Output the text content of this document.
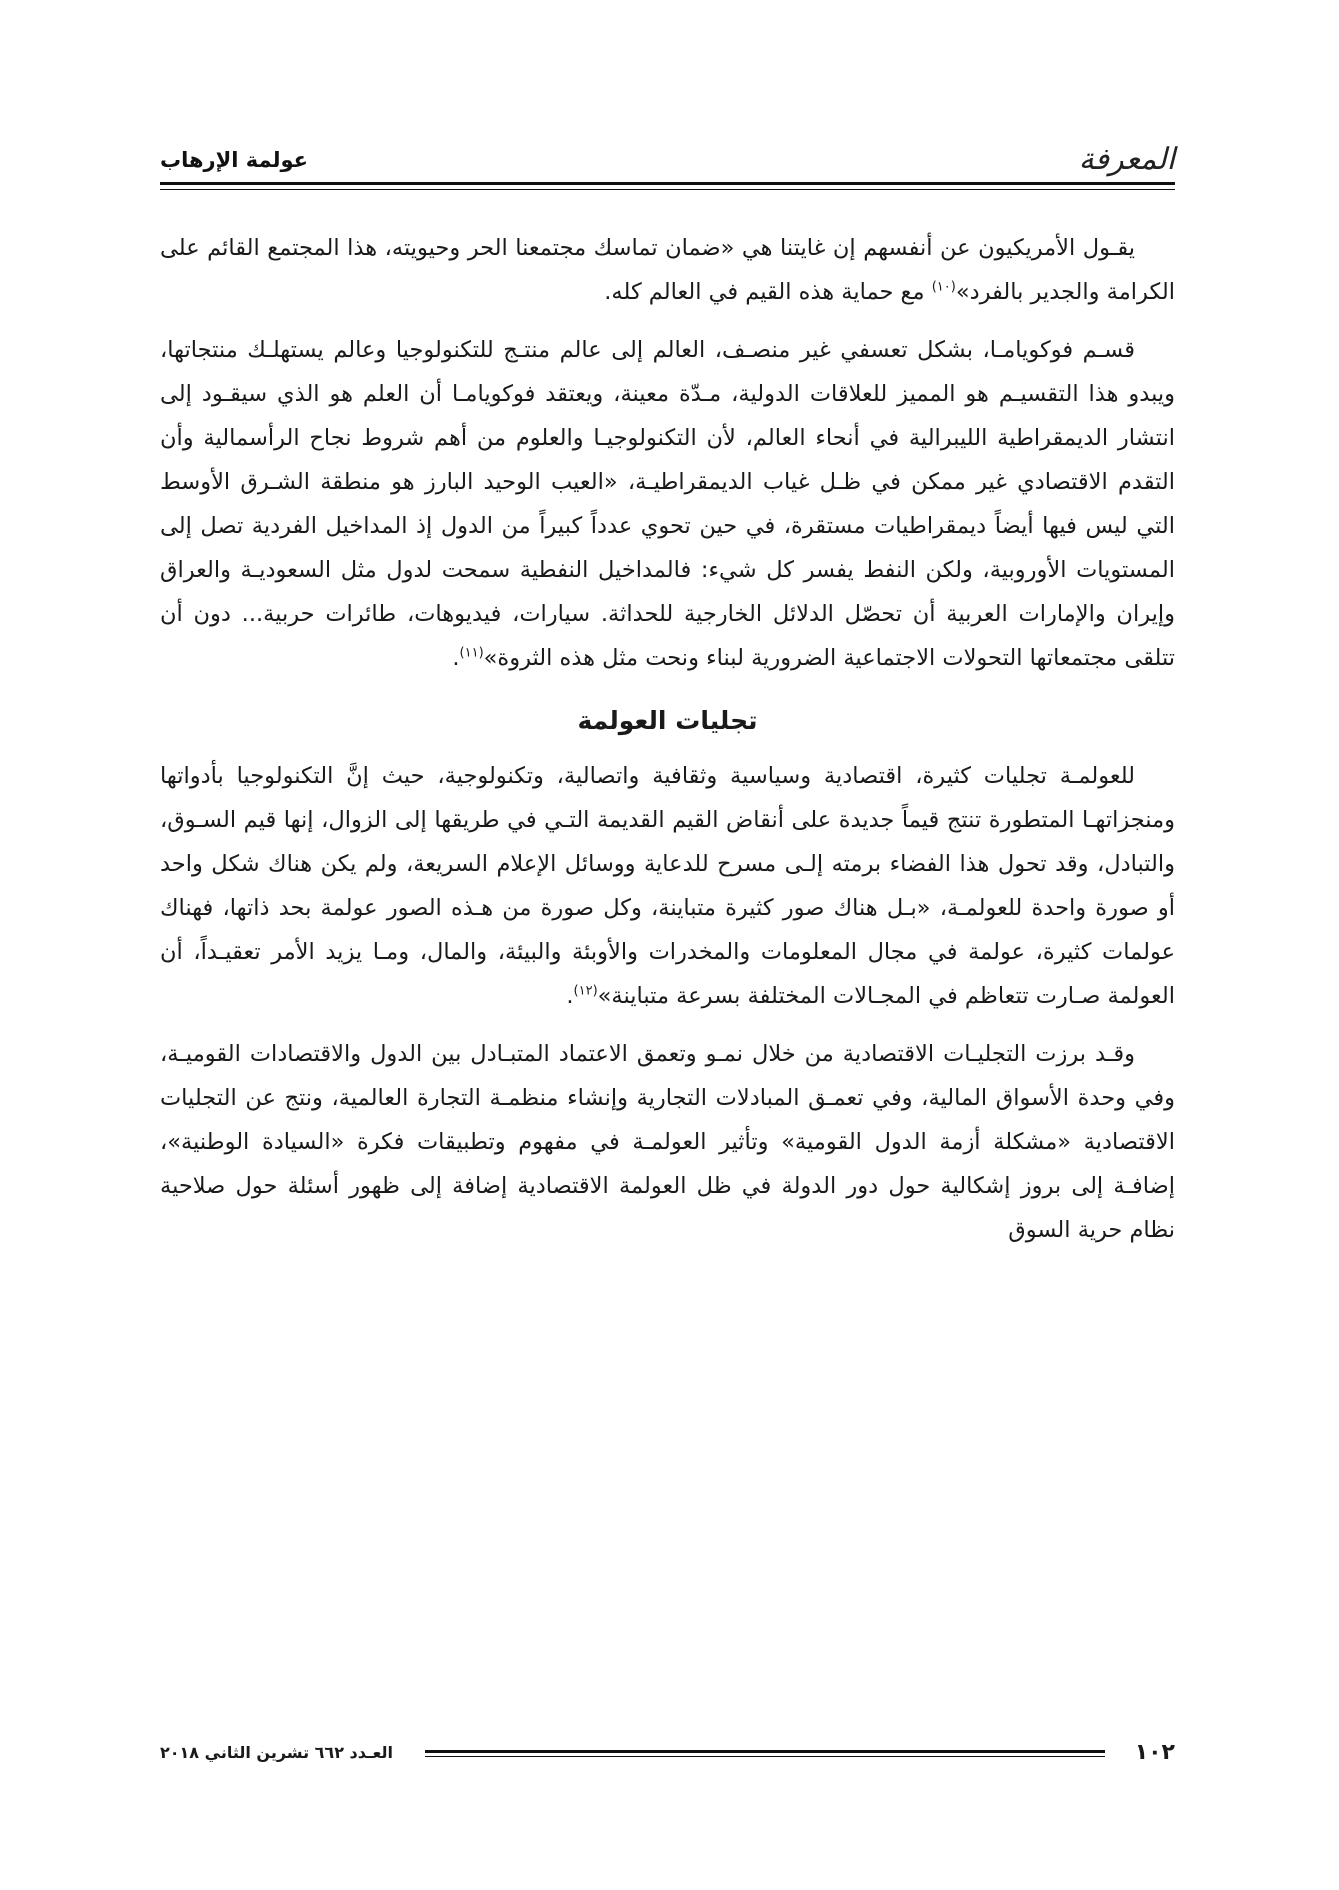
المعرفة
عولمة الإرهاب

يقـول الأمريكيون عن أنفسهم إن غايتنا هي «ضمان تماسك مجتمعنا الحر وحيويته، هذا المجتمع القائم على الكرامة والجدير بالفرد»$^{(١٠)}$ مع حماية هذه القيم في العالم كله.

قسـم فوكويامـا، بشكل تعسفي غير منصـف، العالم إلى عالم منتـج للتكنولوجيا وعالم يستهلـك منتجاتها، ويبدو هذا التقسيـم هو المميز للعلاقات الدولية، مـدّة معينة، ويعتقد فوكويامـا أن العلم هو الذي سيقـود إلى انتشار الديمقراطية الليبرالية في أنحاء العالم، لأن التكنولوجيـا والعلوم من أهم شروط نجاح الرأسمالية وأن التقدم الاقتصادي غير ممكن في ظـل غياب الديمقراطيـة، «العيب الوحيد البارز هو منطقة الشـرق الأوسط التي ليس فيها أيضاً ديمقراطيات مستقرة، في حين تحوي عدداً كبيراً من الدول إذ المداخيل الفردية تصل إلى المستويات الأوروبية، ولكن النفط يفسر كل شيء: فالمداخيل النفطية سمحت لدول مثل السعوديـة والعراق وإيران والإمارات العربية أن تحصّل الدلائل الخارجية للحداثة. سيارات، فيديوهات، طائرات حربية... دون أن تتلقى مجتمعاتها التحولات الاجتماعية الضرورية لبناء ونحت مثل هذه الثروة»$^{(١١)}$.

تجليات العولمة

للعولمـة تجليات كثيرة، اقتصادية وسياسية وثقافية واتصالية، وتكنولوجية، حيث إنَّ التكنولوجيا بأدواتها ومنجزاتهـا المتطورة تنتج قيماً جديدة على أنقاض القيم القديمة التـي في طريقها إلى الزوال، إنها قيم السـوق، والتبادل، وقد تحول هذا الفضاء برمته إلـى مسرح للدعاية ووسائل الإعلام السريعة، ولم يكن هناك شكل واحد أو صورة واحدة للعولمـة، «بـل هناك صور كثيرة متباينة، وكل صورة من هـذه الصور عولمة بحد ذاتها، فهناك عولمات كثيرة، عولمة في مجال المعلومات والمخدرات والأوبئة والبيئة، والمال، ومـا يزيد الأمر تعقيـداً، أن العولمة صـارت تتعاظم في المجـالات المختلفة بسرعة متباينة»$^{(١٢)}$.

وقـد برزت التجليـات الاقتصادية من خلال نمـو وتعمق الاعتماد المتبـادل بين الدول والاقتصادات القوميـة، وفي وحدة الأسواق المالية، وفي تعمـق المبادلات التجارية وإنشاء منظمـة التجارة العالمية، ونتج عن التجليات الاقتصادية «مشكلة أزمة الدول القومية» وتأثير العولمـة في مفهوم وتطبيقات فكرة «السيادة الوطنية»، إضافـة إلى بروز إشكالية حول دور الدولة في ظل العولمة الاقتصادية إضافة إلى ظهور أسئلة حول صلاحية نظام حرية السوق

١٠٢
العـدد ٦٦٢ تشرين الثاني ٢٠١٨
